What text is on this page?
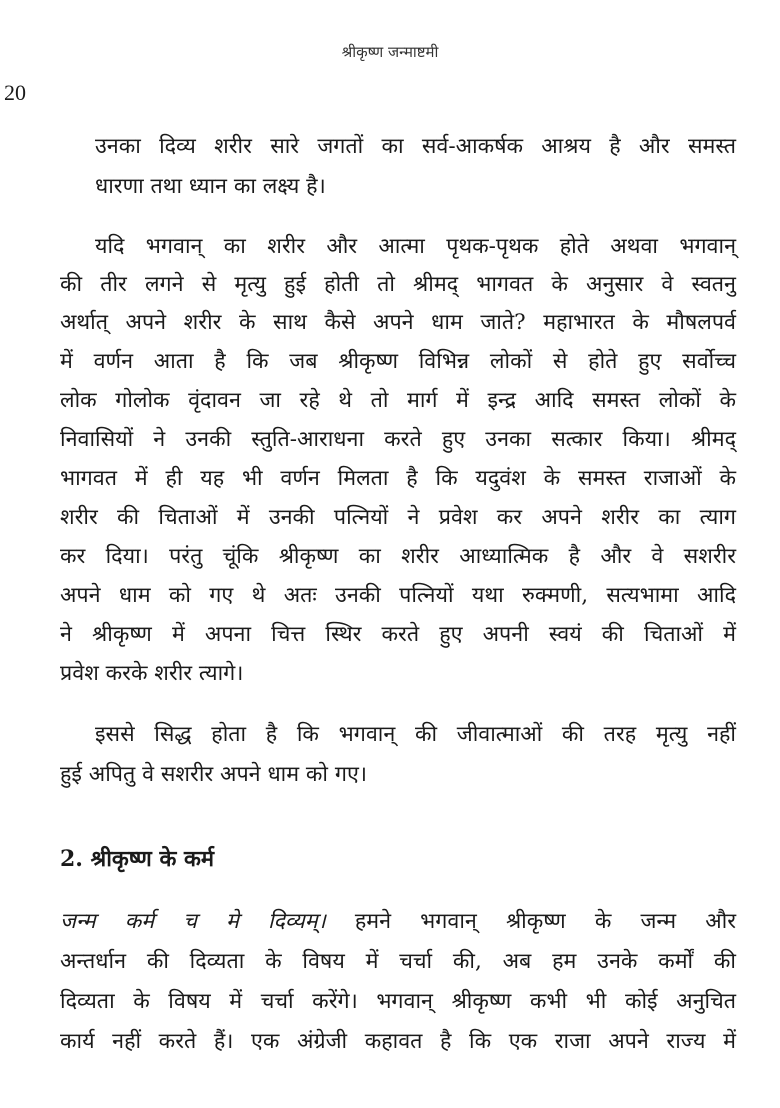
श्रीकृष्ण जन्माष्टमी
20
उनका दिव्य शरीर सारे जगतों का सर्व-आकर्षक आश्रय है और समस्त
धारणा तथा ध्यान का लक्ष्य है।
यदि भगवान् का शरीर और आत्मा पृथक-पृथक होते अथवा भगवान्
की तीर लगने से मृत्यु हुई होती तो श्रीमद् भागवत के अनुसार वे स्वतनु
अर्थात् अपने शरीर के साथ कैसे अपने धाम जाते? महाभारत के मौषलपर्व
में वर्णन आता है कि जब श्रीकृष्ण विभिन्न लोकों से होते हुए सर्वोच्च
लोक गोलोक वृंदावन जा रहे थे तो मार्ग में इन्द्र आदि समस्त लोकों के
निवासियों ने उनकी स्तुति-आराधना करते हुए उनका सत्कार किया। श्रीमद्
भागवत में ही यह भी वर्णन मिलता है कि यदुवंश के समस्त राजाओं के
शरीर की चिताओं में उनकी पत्नियों ने प्रवेश कर अपने शरीर का त्याग
कर दिया। परंतु चूंकि श्रीकृष्ण का शरीर आध्यात्मिक है और वे सशरीर
अपने धाम को गए थे अतः उनकी पत्नियों यथा रुक्मणी, सत्यभामा आदि
ने श्रीकृष्ण में अपना चित्त स्थिर करते हुए अपनी स्वयं की चिताओं में
प्रवेश करके शरीर त्यागे।
इससे सिद्ध होता है कि भगवान् की जीवात्माओं की तरह मृत्यु नहीं
हुई अपितु वे सशरीर अपने धाम को गए।
2. श्रीकृष्ण के कर्म
जन्म कर्म च मे दिव्यम्। हमने भगवान् श्रीकृष्ण के जन्म और
अन्तर्धान की दिव्यता के विषय में चर्चा की, अब हम उनके कर्मों की
दिव्यता के विषय में चर्चा करेंगे। भगवान् श्रीकृष्ण कभी भी कोई अनुचित
कार्य नहीं करते हैं। एक अंग्रेजी कहावत है कि एक राजा अपने राज्य में
